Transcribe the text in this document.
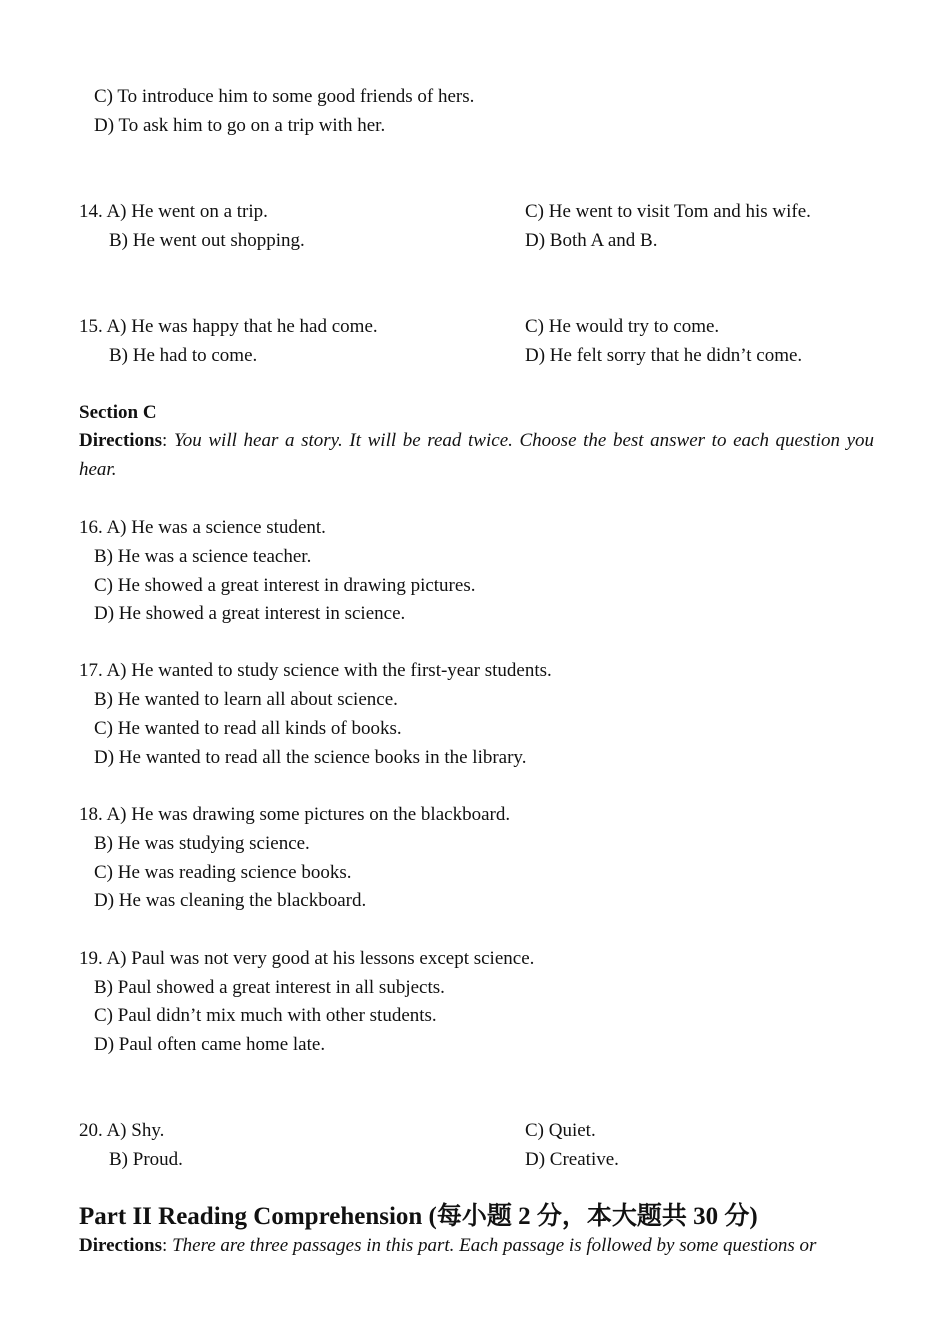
C) To introduce him to some good friends of hers.
D) To ask him to go on a trip with her.
14. A) He went on a trip.	C) He went to visit Tom and his wife.
B) He went out shopping.	D) Both A and B.
15. A) He was happy that he had come.	C) He would try to come.
B) He had to come.	D) He felt sorry that he didn’t come.
Section C
Directions: You will hear a story. It will be read twice. Choose the best answer to each question you hear.
16. A) He was a science student.
B) He was a science teacher.
C) He showed a great interest in drawing pictures.
D) He showed a great interest in science.
17. A) He wanted to study science with the first-year students.
B) He wanted to learn all about science.
C) He wanted to read all kinds of books.
D) He wanted to read all the science books in the library.
18. A) He was drawing some pictures on the blackboard.
B) He was studying science.
C) He was reading science books.
D) He was cleaning the blackboard.
19. A) Paul was not very good at his lessons except science.
B) Paul showed a great interest in all subjects.
C) Paul didn’t mix much with other students.
D) Paul often came home late.
20. A) Shy.	C) Quiet.
B) Proud.	D) Creative.
Part II Reading Comprehension (每小题 2 分，本大题共 30 分)
Directions: There are three passages in this part. Each passage is followed by some questions or
